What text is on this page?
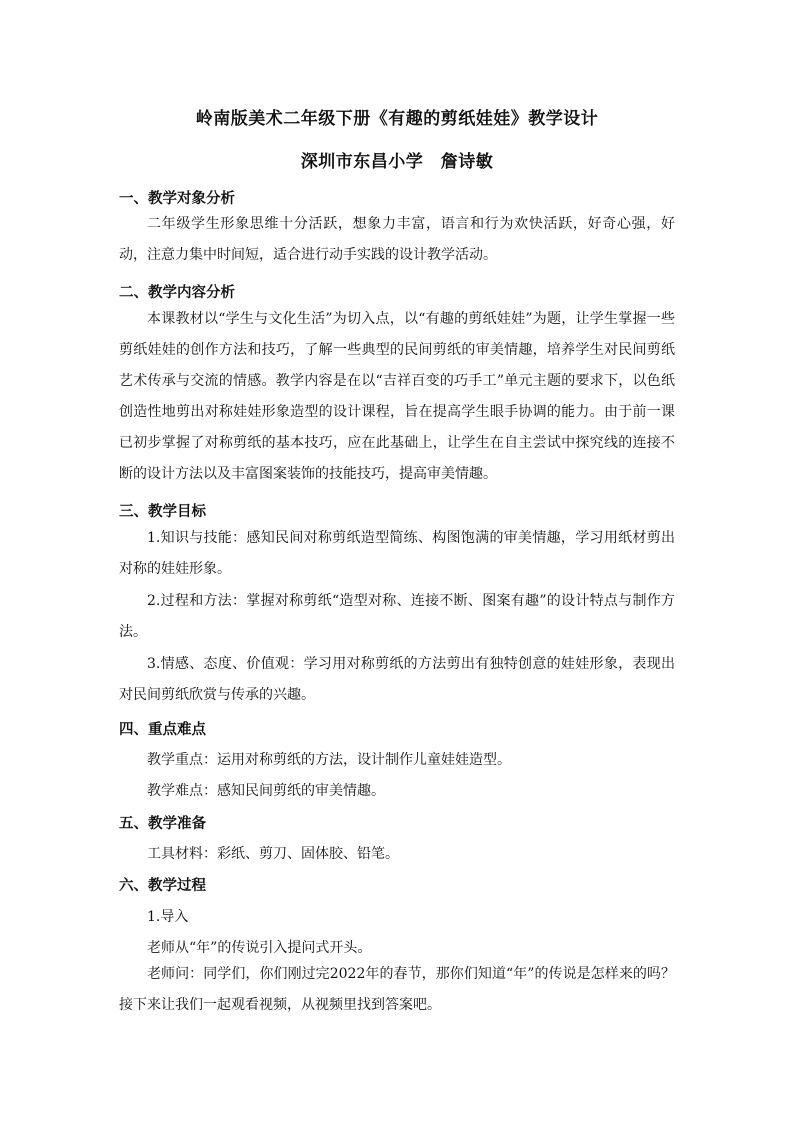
岭南版美术二年级下册《有趣的剪纸娃娃》教学设计
深圳市东昌小学　詹诗敏
一、教学对象分析
二年级学生形象思维十分活跃，想象力丰富，语言和行为欢快活跃，好奇心强，好动，注意力集中时间短，适合进行动手实践的设计教学活动。
二、教学内容分析
本课教材以“学生与文化生活”为切入点，以“有趣的剪纸娃娃”为题，让学生掌握一些剪纸娃娃的创作方法和技巧，了解一些典型的民间剪纸的审美情趣，培养学生对民间剪纸艺术传承与交流的情感。教学内容是在以“吉祥百变的巧手工”单元主题的要求下，以色纸创造性地剪出对称娃娃形象造型的设计课程，旨在提高学生眼手协调的能力。由于前一课已初步掌握了对称剪纸的基本技巧，应在此基础上，让学生在自主尝试中探究线的连接不断的设计方法以及丰富图案装饰的技能技巧，提高审美情趣。
三、教学目标
1.知识与技能：感知民间对称剪纸造型简练、构图饱满的审美情趣，学习用纸材剪出对称的娃娃形象。
2.过程和方法：掌握对称剪纸“造型对称、连接不断、图案有趣”的设计特点与制作方法。
3.情感、态度、价值观：学习用对称剪纸的方法剪出有独特创意的娃娃形象，表现出对民间剪纸欣赏与传承的兴趣。
四、重点难点
教学重点：运用对称剪纸的方法，设计制作儿童娃娃造型。
教学难点：感知民间剪纸的审美情趣。
五、教学准备
工具材料：彩纸、剪刀、固体胶、铅笔。
六、教学过程
1.导入
老师从“年”的传说引入提问式开头。
老师问：同学们，你们刚过完2022年的春节，那你们知道“年”的传说是怎样来的吗？接下来让我们一起观看视频，从视频里找到答案吧。
